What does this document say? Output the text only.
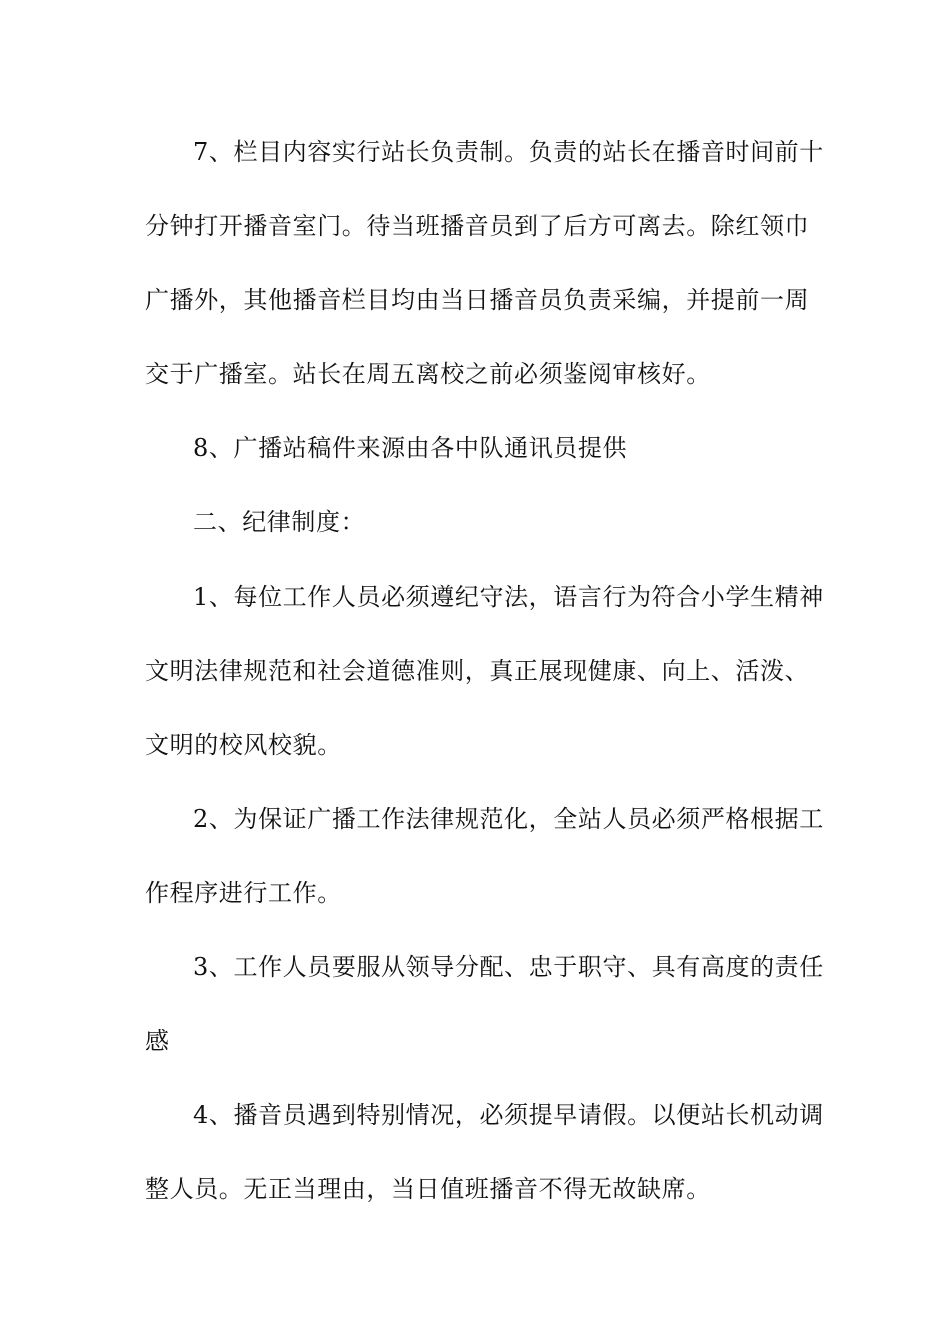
7、栏目内容实行站长负责制。负责的站长在播音时间前十
分钟打开播音室门。待当班播音员到了后方可离去。除红领巾
广播外，其他播音栏目均由当日播音员负责采编，并提前一周
交于广播室。站长在周五离校之前必须鉴阅审核好。
8、广播站稿件来源由各中队通讯员提供
二、纪律制度：
1、每位工作人员必须遵纪守法，语言行为符合小学生精神
文明法律规范和社会道德准则，真正展现健康、向上、活泼、
文明的校风校貌。
2、为保证广播工作法律规范化，全站人员必须严格根据工
作程序进行工作。
3、工作人员要服从领导分配、忠于职守、具有高度的责任
感
4、播音员遇到特别情况，必须提早请假。以便站长机动调
整人员。无正当理由，当日值班播音不得无故缺席。
